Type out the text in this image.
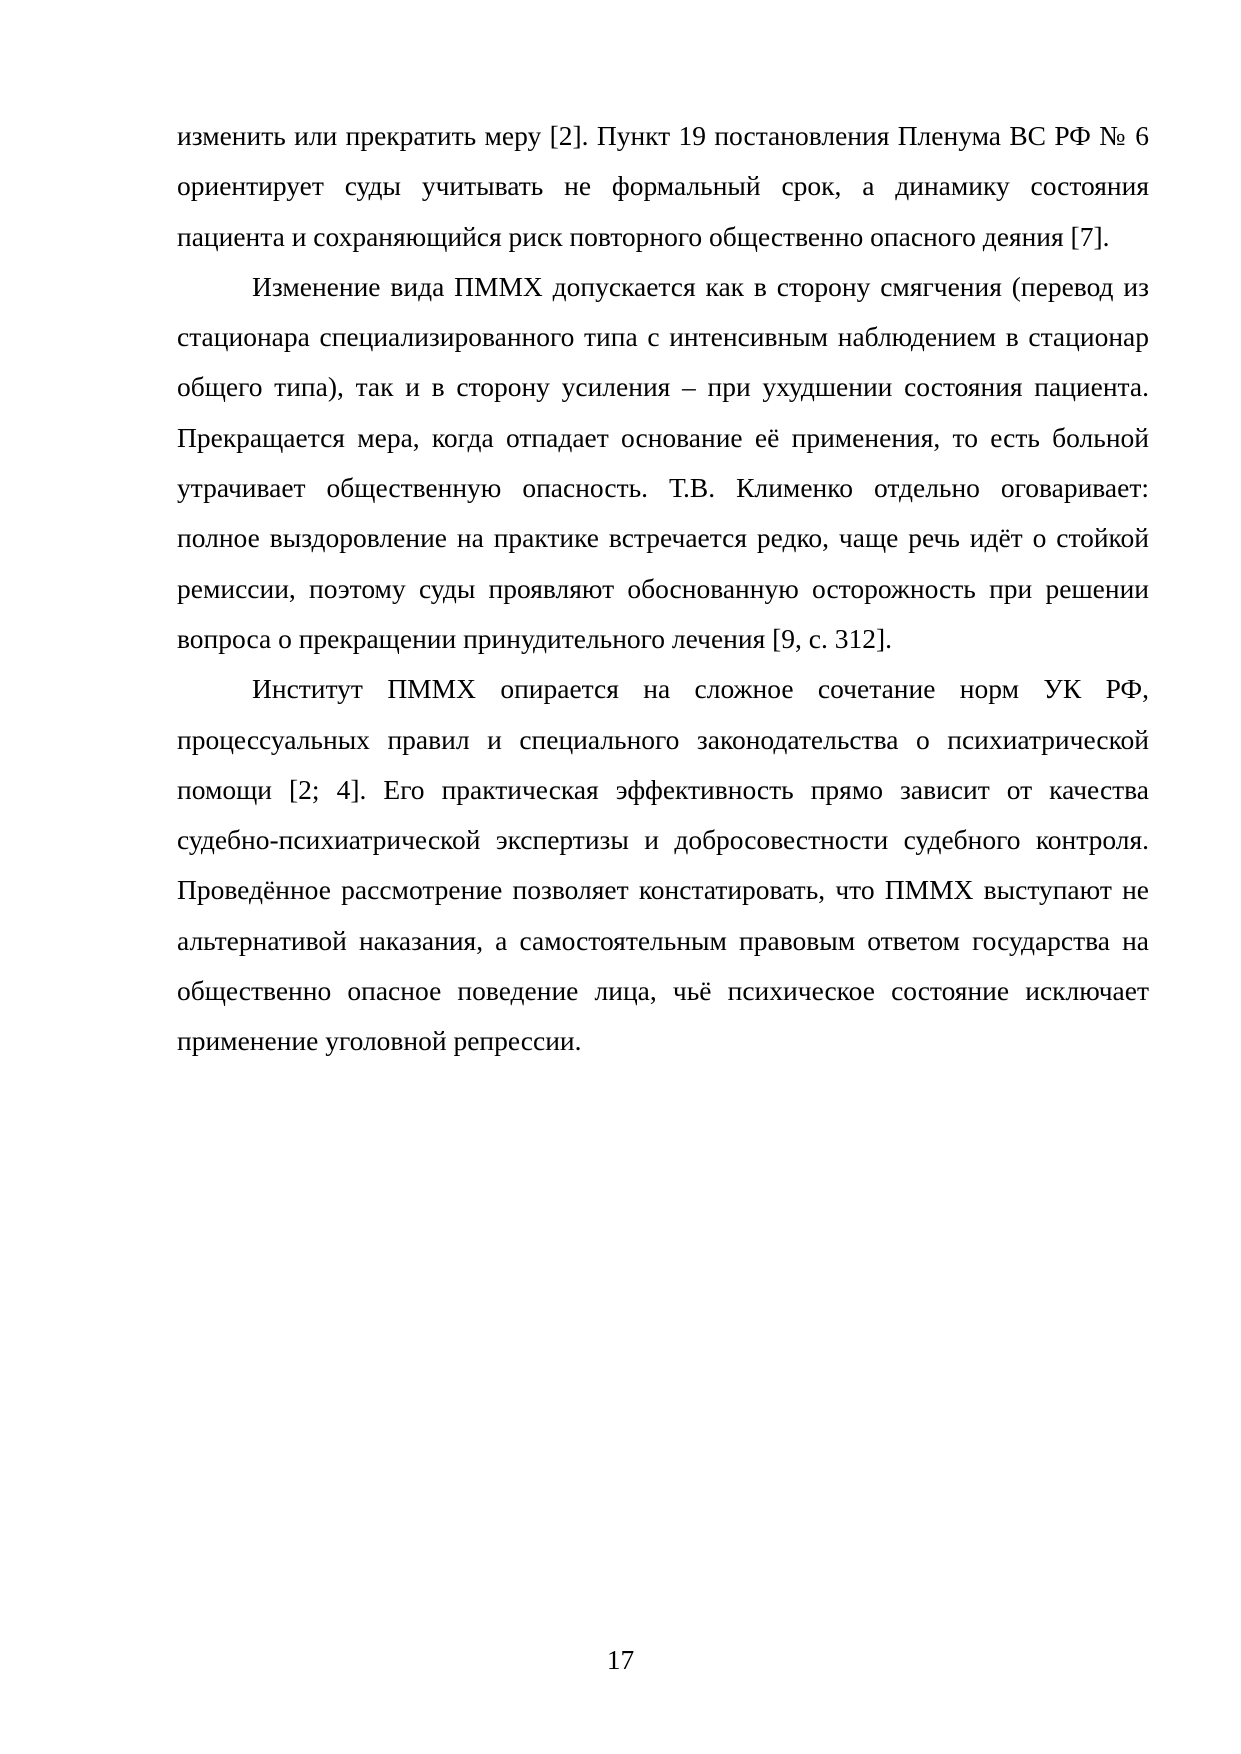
изменить или прекратить меру [2]. Пункт 19 постановления Пленума ВС РФ № 6 ориентирует суды учитывать не формальный срок, а динамику состояния пациента и сохраняющийся риск повторного общественно опасного деяния [7].

Изменение вида ПММХ допускается как в сторону смягчения (перевод из стационара специализированного типа с интенсивным наблюдением в стационар общего типа), так и в сторону усиления – при ухудшении состояния пациента. Прекращается мера, когда отпадает основание её применения, то есть больной утрачивает общественную опасность. Т.В. Клименко отдельно оговаривает: полное выздоровление на практике встречается редко, чаще речь идёт о стойкой ремиссии, поэтому суды проявляют обоснованную осторожность при решении вопроса о прекращении принудительного лечения [9, с. 312].

Институт ПММХ опирается на сложное сочетание норм УК РФ, процессуальных правил и специального законодательства о психиатрической помощи [2; 4]. Его практическая эффективность прямо зависит от качества судебно-психиатрической экспертизы и добросовестности судебного контроля. Проведённое рассмотрение позволяет констатировать, что ПММХ выступают не альтернативой наказания, а самостоятельным правовым ответом государства на общественно опасное поведение лица, чьё психическое состояние исключает применение уголовной репрессии.

17
